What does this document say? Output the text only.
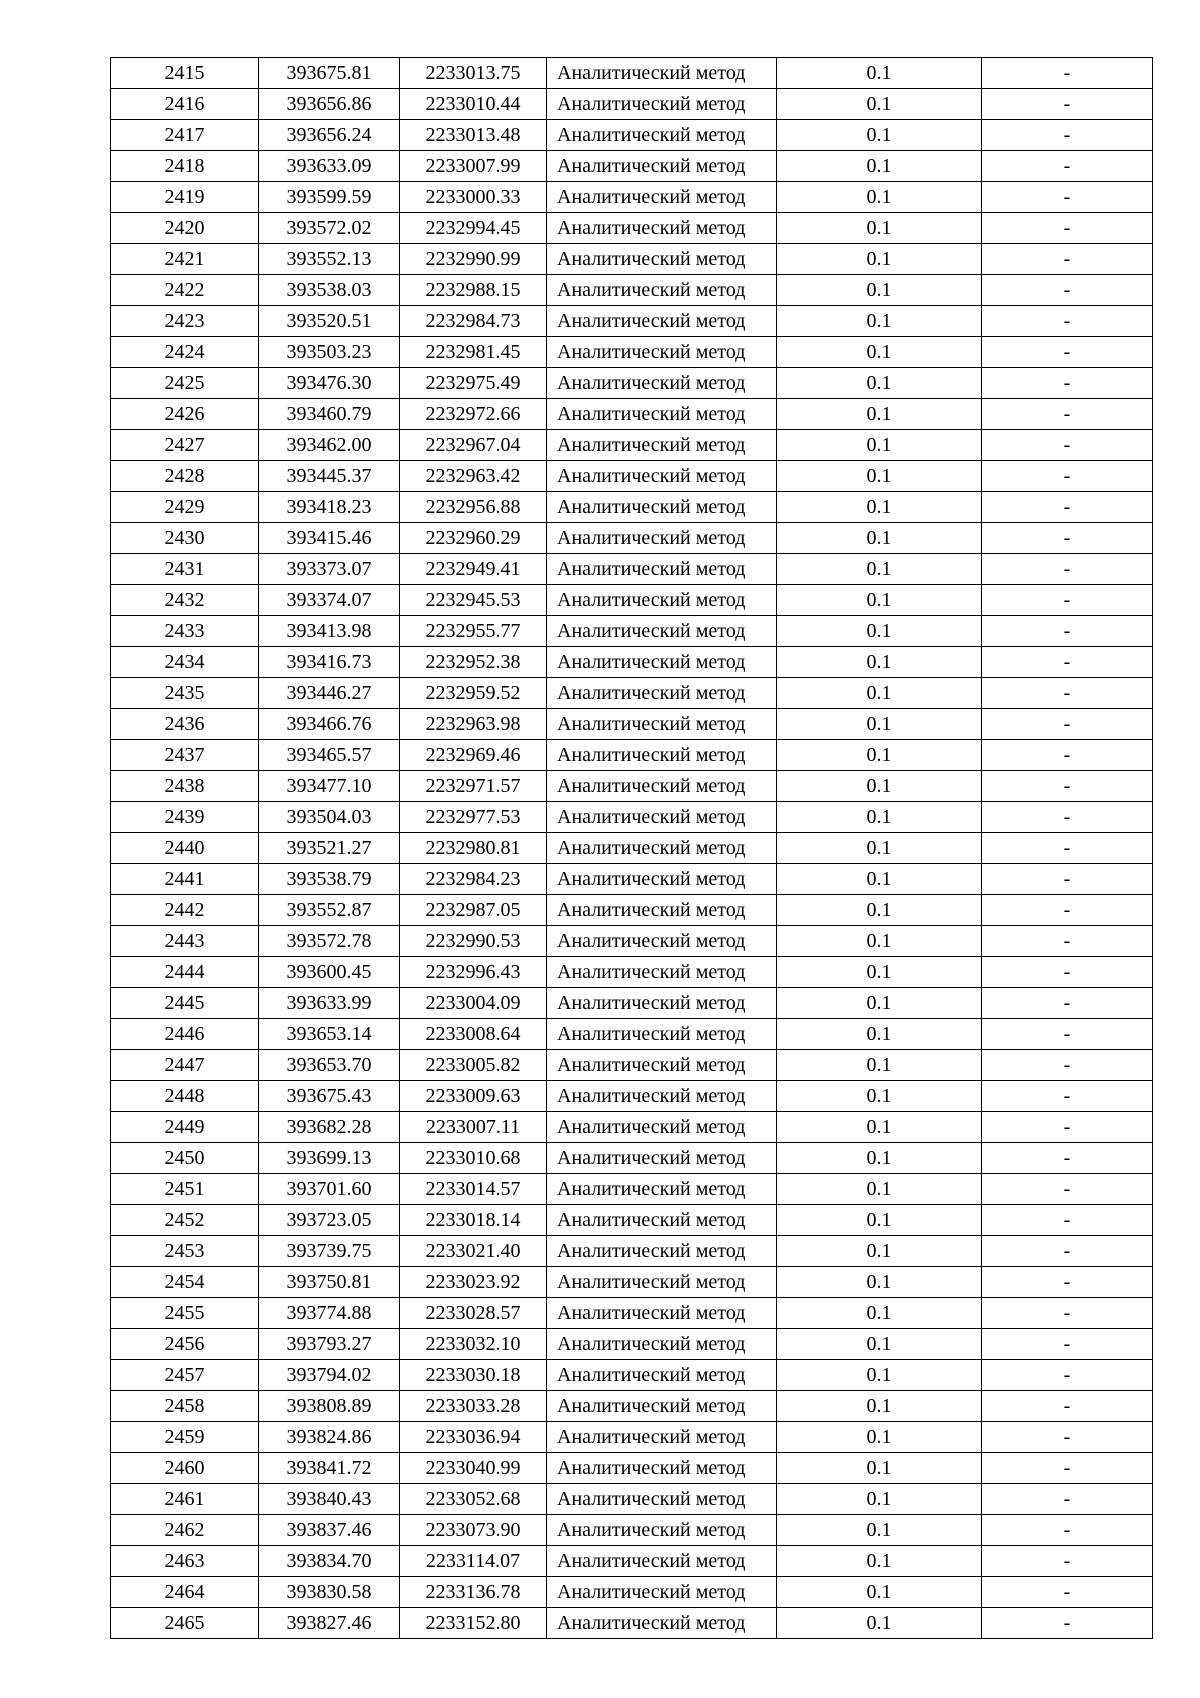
2415	393675.81	2233013.75	Аналитический метод	0.1	-
2416	393656.86	2233010.44	Аналитический метод	0.1	-
2417	393656.24	2233013.48	Аналитический метод	0.1	-
2418	393633.09	2233007.99	Аналитический метод	0.1	-
2419	393599.59	2233000.33	Аналитический метод	0.1	-
2420	393572.02	2232994.45	Аналитический метод	0.1	-
2421	393552.13	2232990.99	Аналитический метод	0.1	-
2422	393538.03	2232988.15	Аналитический метод	0.1	-
2423	393520.51	2232984.73	Аналитический метод	0.1	-
2424	393503.23	2232981.45	Аналитический метод	0.1	-
2425	393476.30	2232975.49	Аналитический метод	0.1	-
2426	393460.79	2232972.66	Аналитический метод	0.1	-
2427	393462.00	2232967.04	Аналитический метод	0.1	-
2428	393445.37	2232963.42	Аналитический метод	0.1	-
2429	393418.23	2232956.88	Аналитический метод	0.1	-
2430	393415.46	2232960.29	Аналитический метод	0.1	-
2431	393373.07	2232949.41	Аналитический метод	0.1	-
2432	393374.07	2232945.53	Аналитический метод	0.1	-
2433	393413.98	2232955.77	Аналитический метод	0.1	-
2434	393416.73	2232952.38	Аналитический метод	0.1	-
2435	393446.27	2232959.52	Аналитический метод	0.1	-
2436	393466.76	2232963.98	Аналитический метод	0.1	-
2437	393465.57	2232969.46	Аналитический метод	0.1	-
2438	393477.10	2232971.57	Аналитический метод	0.1	-
2439	393504.03	2232977.53	Аналитический метод	0.1	-
2440	393521.27	2232980.81	Аналитический метод	0.1	-
2441	393538.79	2232984.23	Аналитический метод	0.1	-
2442	393552.87	2232987.05	Аналитический метод	0.1	-
2443	393572.78	2232990.53	Аналитический метод	0.1	-
2444	393600.45	2232996.43	Аналитический метод	0.1	-
2445	393633.99	2233004.09	Аналитический метод	0.1	-
2446	393653.14	2233008.64	Аналитический метод	0.1	-
2447	393653.70	2233005.82	Аналитический метод	0.1	-
2448	393675.43	2233009.63	Аналитический метод	0.1	-
2449	393682.28	2233007.11	Аналитический метод	0.1	-
2450	393699.13	2233010.68	Аналитический метод	0.1	-
2451	393701.60	2233014.57	Аналитический метод	0.1	-
2452	393723.05	2233018.14	Аналитический метод	0.1	-
2453	393739.75	2233021.40	Аналитический метод	0.1	-
2454	393750.81	2233023.92	Аналитический метод	0.1	-
2455	393774.88	2233028.57	Аналитический метод	0.1	-
2456	393793.27	2233032.10	Аналитический метод	0.1	-
2457	393794.02	2233030.18	Аналитический метод	0.1	-
2458	393808.89	2233033.28	Аналитический метод	0.1	-
2459	393824.86	2233036.94	Аналитический метод	0.1	-
2460	393841.72	2233040.99	Аналитический метод	0.1	-
2461	393840.43	2233052.68	Аналитический метод	0.1	-
2462	393837.46	2233073.90	Аналитический метод	0.1	-
2463	393834.70	2233114.07	Аналитический метод	0.1	-
2464	393830.58	2233136.78	Аналитический метод	0.1	-
2465	393827.46	2233152.80	Аналитический метод	0.1	-
